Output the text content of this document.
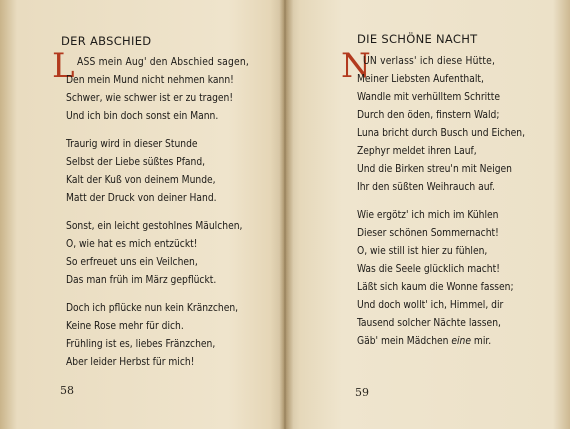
DER ABSCHIED
L ASS mein Aug' den Abschied sagen,
Den mein Mund nicht nehmen kann!
Schwer, wie schwer ist er zu tragen!
Und ich bin doch sonst ein Mann.
Traurig wird in dieser Stunde
Selbst der Liebe süßtes Pfand,
Kalt der Kuß von deinem Munde,
Matt der Druck von deiner Hand.
Sonst, ein leicht gestohlnes Mäulchen,
O, wie hat es mich entzückt!
So erfreuet uns ein Veilchen,
Das man früh im März gepflückt.
Doch ich pflücke nun kein Kränzchen,
Keine Rose mehr für dich.
Frühling ist es, liebes Fränzchen,
Aber leider Herbst für mich!
58
DIE SCHÖNE NACHT
N
UN verlass' ich diese Hütte,
Meiner Liebsten Aufenthalt,
Wandle mit verhülltem Schritte
Durch den öden, finstern Wald;
Luna bricht durch Busch und Eichen,
Zephyr meldet ihren Lauf,
Und die Birken streu'n mit Neigen
Ihr den süßten Weihrauch auf.
Wie ergötz' ich mich im Kühlen
Dieser schönen Sommernacht!
O, wie still ist hier zu fühlen,
Was die Seele glücklich macht!
Läßt sich kaum die Wonne fassen;
Und doch wollt' ich, Himmel, dir
Tausend solcher Nächte lassen,
Gäb' mein Mädchen eine mir.
59
